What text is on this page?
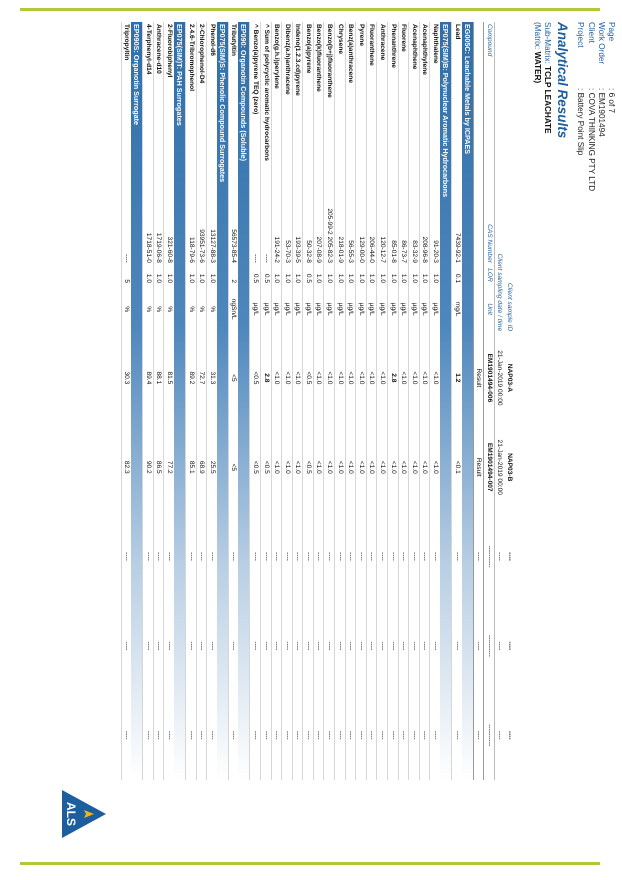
Page
Work Order
Client
Project
: 6 of 7
: EM1901494
: COVA THINKING PTY LTD
: Battery Point Slip
Analytical Results
Sub-Matrix: TCLP LEACHATE
(Matrix: WATER)
Client sample ID				NAP03-A	NAP03-B	----	----	----
Client sampling date / time				21-Jan-2019 00:00	21-Jan-2019 00:00	----	----	----
Compound	CAS Number	LOR	Unit	EM1901494-006	EM1901494-007	----------	----------	----------
				Result	Result	----	----	----
EG005C: Leachable Metals by ICPAES								
Lead	7439-92-1	0.1	mg/L	1.2	<0.1	----	----	----
EP075(SIM)B: Polynuclear Aromatic Hydrocarbons								
Naphthalene	91-20-3	1.0	µg/L	<1.0	<1.0	----	----	----
Acenaphthylene	208-96-8	1.0	µg/L	<1.0	<1.0	----	----	----
Acenaphthene	83-32-9	1.0	µg/L	<1.0	<1.0	----	----	----
Fluorene	86-73-7	1.0	µg/L	<1.0	<1.0	----	----	----
Phenanthrene	85-01-8	1.0	µg/L	2.8	<1.0	----	----	----
Anthracene	120-12-7	1.0	µg/L	<1.0	<1.0	----	----	----
Fluoranthene	206-44-0	1.0	µg/L	<1.0	<1.0	----	----	----
Pyrene	129-00-0	1.0	µg/L	<1.0	<1.0	----	----	----
Benz(a)anthracene	56-55-3	1.0	µg/L	<1.0	<1.0	----	----	----
Chrysene	218-01-9	1.0	µg/L	<1.0	<1.0	----	----	----
Benzo(b+j)fluoranthene	205-99-2 205-82-3	1.0	µg/L	<1.0	<1.0	----	----	----
Benzo(k)fluoranthene	207-08-9	1.0	µg/L	<1.0	<1.0	----	----	----
Benzo(a)pyrene	50-32-8	0.5	µg/L	<0.5	<0.5	----	----	----
Indeno(1.2.3.cd)pyrene	193-39-5	1.0	µg/L	<1.0	<1.0	----	----	----
Dibenz(a.h)anthracene	53-70-3	1.0	µg/L	<1.0	<1.0	----	----	----
Benzo(g.h.i)perylene	191-24-2	1.0	µg/L	<1.0	<1.0	----	----	----
^ Sum of polycyclic aromatic hydrocarbons	----	0.5	µg/L	2.8	<0.5	----	----	----
^ Benzo(a)pyrene TEQ (zero)	----	0.5	µg/L	<0.5	<0.5	----	----	----
EP090: Organotin Compounds (Soluble)								
Tributyltin	56573-85-4	2	ngSn/L	<5	<5	----	----	----
EP075(SIM)S: Phenolic Compound Surrogates								
Phenol-d6	13127-88-3	1.0	%	31.3	25.5	----	----	----
2-Chlorophenol-D4	93951-73-6	1.0	%	72.7	68.9	----	----	----
2.4.6-Tribromophenol	118-79-6	1.0	%	89.2	85.1	----	----	----
EP075(SIM)T: PAH Surrogates								
2-Fluorobiphenyl	321-60-8	1.0	%	81.5	77.2	----	----	----
Anthracene-d10	1719-06-8	1.0	%	88.1	86.5	----	----	----
4-Terphenyl-d14	1718-51-0	1.0	%	89.4	90.2	----	----	----
EP090S: Organotin Surrogate								
Tripropyltin	----	5	%	30.3	82.3	----	----	----
ALS
